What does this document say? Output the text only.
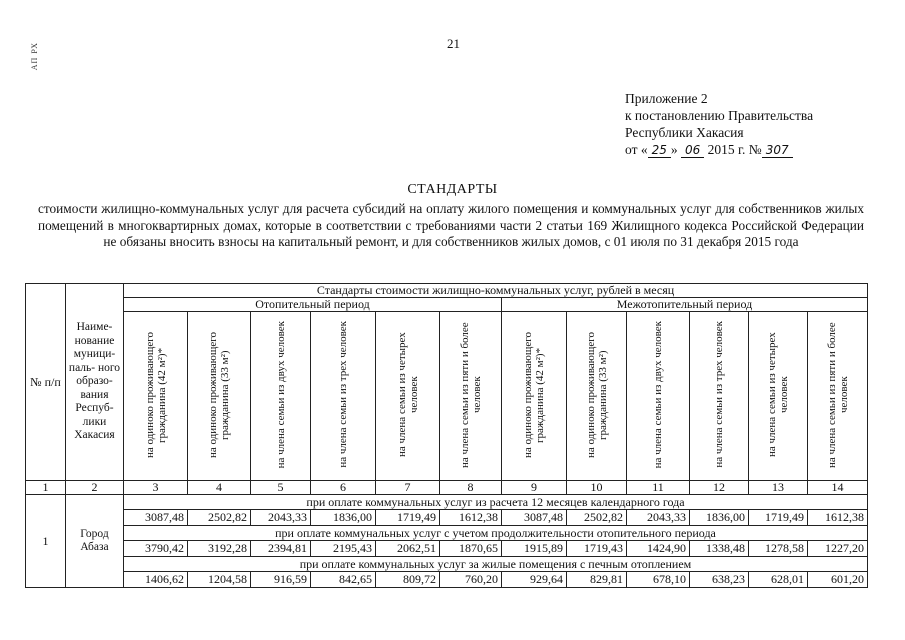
АП РХ	21
Приложение 2
к постановлению Правительства
Республики Хакасия
от « 25 » 06 2015 г. № 307
СТАНДАРТЫ
стоимости жилищно-коммунальных услуг для расчета субсидий на оплату жилого помещения и коммунальных услуг для собственников жилых помещений в многоквартирных домах, которые в соответствии с требованиями части 2 статьи 169 Жилищного кодекса Российской Федерации не обязаны вносить взносы на капитальный ремонт, и для собственников жилых домов, с 01 июля по 31 декабря 2015 года
№ п/п	Наиме- нование муници- паль- ного образо- вания Респуб- лики Хакасия	Стандарты стоимости жилищно-коммунальных услуг, рублей в месяц											
		Отопительный период						Межотопительный период					
		на одиноко проживающего гражданина (42 м²)*	на одиноко проживающего гражданина (33 м²)	на члена семьи из двух человек	на члена семьи из трех человек	на члена семьи из четырех человек	на члена семьи из пяти и более человек	на одиноко проживающего гражданина (42 м²)*	на одиноко проживающего гражданина (33 м²)	на члена семьи из двух человек	на члена семьи из трех человек	на члена семьи из четырех человек	на члена семьи из пяти и более человек
1	2	3	4	5	6	7	8	9	10	11	12	13	14
1	Город Абаза	при оплате коммунальных услуг из расчета 12 месяцев календарного года											
		3087,48	2502,82	2043,33	1836,00	1719,49	1612,38	3087,48	2502,82	2043,33	1836,00	1719,49	1612,38
		при оплате коммунальных услуг с учетом продолжительности отопительного периода											
		3790,42	3192,28	2394,81	2195,43	2062,51	1870,65	1915,89	1719,43	1424,90	1338,48	1278,58	1227,20
		при оплате коммунальных услуг за жилые помещения с печным отоплением											
		1406,62	1204,58	916,59	842,65	809,72	760,20	929,64	829,81	678,10	638,23	628,01	601,20
